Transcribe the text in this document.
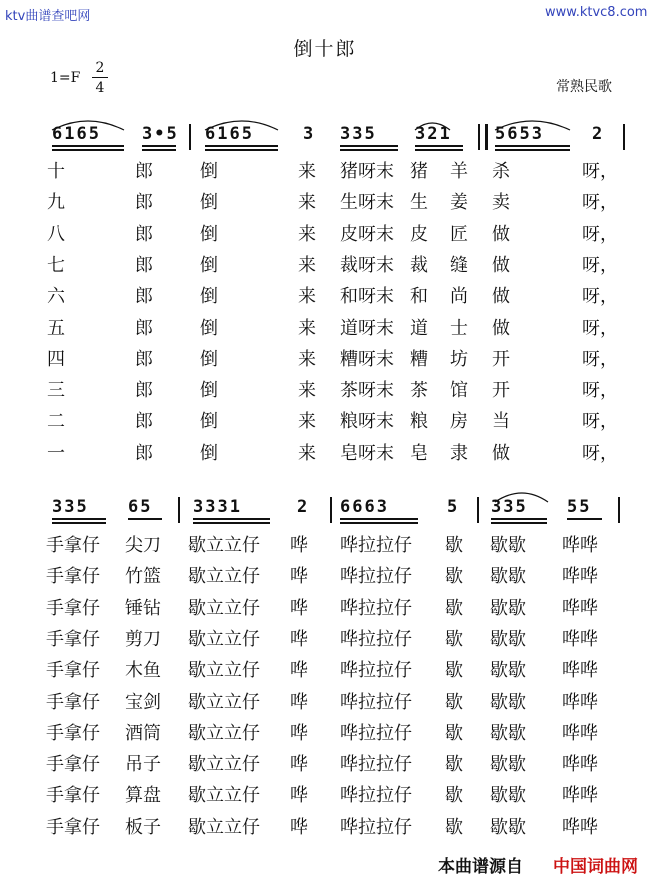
ktv曲谱查吧网	www.ktvc8.com
倒十郎
1=F
2
4	常熟民歌
6165 3•5 6165	3 335 321	5653	2
十	郎	倒	来 猪呀末 猪 羊 杀	呀，
九	郎	倒	来 生呀末 生 姜 卖	呀，
八	郎	倒	来 皮呀末 皮 匠 做	呀，
七	郎	倒	来 裁呀末 裁 缝 做	呀，
六	郎	倒	来 和呀末 和 尚 做	呀，
五	郎	倒	来 道呀末 道 士 做	呀，
四	郎	倒	来 糟呀末 糟 坊 开	呀，
三	郎	倒	来 茶呀末 茶 馆 开	呀，
二	郎	倒	来 粮呀末 粮 房 当	呀，
一	郎	倒	来 皂呀末 皂 隶 做	呀，
335 65 3331	2 6663	5 335 55
手拿仔 尖刀 歇立立仔 哗 哗拉拉仔 歇 歇歇 哗哗
手拿仔 竹篮 歇立立仔 哗 哗拉拉仔 歇 歇歇 哗哗
手拿仔 锤钻 歇立立仔 哗 哗拉拉仔 歇 歇歇 哗哗
手拿仔 剪刀 歇立立仔 哗 哗拉拉仔 歇 歇歇 哗哗
手拿仔 木鱼 歇立立仔 哗 哗拉拉仔 歇 歇歇 哗哗
手拿仔 宝剑 歇立立仔 哗 哗拉拉仔 歇 歇歇 哗哗
手拿仔 酒筒 歇立立仔 哗 哗拉拉仔 歇 歇歇 哗哗
手拿仔 吊子 歇立立仔 哗 哗拉拉仔 歇 歇歇 哗哗
手拿仔 算盘 歇立立仔 哗 哗拉拉仔 歇 歇歇 哗哗
手拿仔 板子 歇立立仔 哗 哗拉拉仔 歇 歇歇 哗哗
本曲谱源自 中国词曲网
